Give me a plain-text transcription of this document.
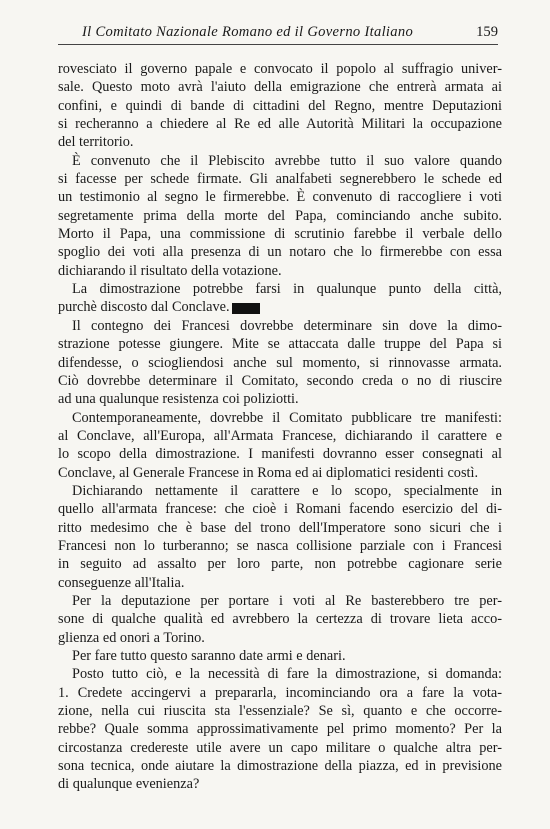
Il Comitato Nazionale Romano ed il Governo Italiano	159
rovesciato il governo papale e convocato il popolo al suffragio univer-
sale. Questo moto avrà l'aiuto della emigrazione che entrerà armata ai
confini, e quindi di bande di cittadini del Regno, mentre Deputazioni
si recheranno a chiedere al Re ed alle Autorità Militari la occupazione
del territorio.
È convenuto che il Plebiscito avrebbe tutto il suo valore quando
si facesse per schede firmate. Gli analfabeti segnerebbero le schede ed
un testimonio al segno le firmerebbe. È convenuto di raccogliere i voti
segretamente prima della morte del Papa, cominciando anche subito.
Morto il Papa, una commissione di scrutinio farebbe il verbale dello
spoglio dei voti alla presenza di un notaro che lo firmerebbe con essa
dichiarando il risultato della votazione.
La dimostrazione potrebbe farsi in qualunque punto della città,
purchè discosto dal Conclave.
Il contegno dei Francesi dovrebbe determinare sin dove la dimo-
strazione potesse giungere. Mite se attaccata dalle truppe del Papa si
difendesse, o sciogliendosi anche sul momento, si rinnovasse armata.
Ciò dovrebbe determinare il Comitato, secondo creda o no di riuscire
ad una qualunque resistenza coi poliziotti.
Contemporaneamente, dovrebbe il Comitato pubblicare tre manifesti:
al Conclave, all'Europa, all'Armata Francese, dichiarando il carattere e
lo scopo della dimostrazione. I manifesti dovranno esser consegnati al
Conclave, al Generale Francese in Roma ed ai diplomatici residenti costì.
Dichiarando nettamente il carattere e lo scopo, specialmente in
quello all'armata francese: che cioè i Romani facendo esercizio del di-
ritto medesimo che è base del trono dell'Imperatore sono sicuri che i
Francesi non lo turberanno; se nasca collisione parziale con i Francesi
in seguito ad assalto per loro parte, non potrebbe cagionare serie
conseguenze all'Italia.
Per la deputazione per portare i voti al Re basterebbero tre per-
sone di qualche qualità ed avrebbero la certezza di trovare lieta acco-
glienza ed onori a Torino.
Per fare tutto questo saranno date armi e denari.
Posto tutto ciò, e la necessità di fare la dimostrazione, si domanda:
1. Credete accingervi a prepararla, incominciando ora a fare la vota-
zione, nella cui riuscita sta l'essenziale? Se sì, quanto e che occorre-
rebbe? Quale somma approssimativamente pel primo momento? Per la
circostanza credereste utile avere un capo militare o qualche altra per-
sona tecnica, onde aiutare la dimostrazione della piazza, ed in previsione
di qualunque evenienza?
